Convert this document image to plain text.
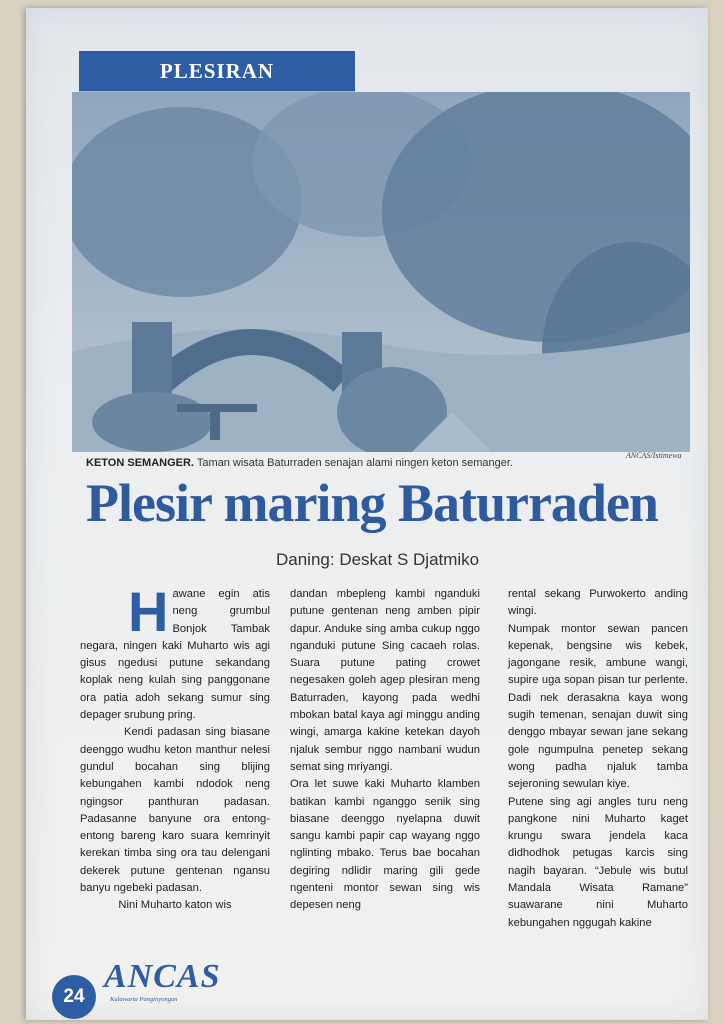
PLESIRAN
KETON SEMANGER. Taman wisata Baturraden senajan alami ningen keton semanger.
ANCAS/Istimewa
Plesir maring Baturraden
Daning: Deskat S Djatmiko
H awane egin atis neng grumbul Bonjok Tambak negara, ningen kaki Muharto wis agi gisus ngedusi putune sekandang koplak neng kulah sing panggonane ora patia adoh sekang sumur sing depager srubung pring.

Kendi padasan sing biasane deenggo wudhu keton manthur nelesi gundul bocahan sing blijing kebungahen kambi ndodok neng ngingsor panthuran padasan. Padasanne banyune ora entong-entong bareng karo suara kemrinyit kerekan timba sing ora tau delengani dekerek putune gentenan ngansu banyu ngebeki padasan.

Nini Muharto katon wis

dandan mbepleng kambi nganduki putune gentenan neng amben pipir dapur. Anduke sing amba cukup nggo nganduki putune Sing cacaeh rolas. Suara putune pating crowet negesaken goleh agep plesiran meng Baturraden, kayong pada wedhi mbokan batal kaya agi minggu anding wingi, amarga kakine ketekan dayoh njaluk sembur nggo nambani wudun semat sing mriyangi.

Ora let suwe kaki Muharto klamben batikan kambi nganggo senik sing biasane deenggo nyelapna duwit sangu kambi papir cap wayang nggo nglinting mbako. Terus bae bocahan degiring ndlidir maring gili gede ngenteni montor sewan sing wis depesen neng

rental sekang Purwokerto anding wingi.

Numpak montor sewan pancen kepenak, bengsine wis kebek, jagongane resik, ambune wangi, supire uga sopan pisan tur perlente. Dadi nek derasakna kaya wong sugih temenan, senajan duwit sing denggo mbayar sewan jane sekang gole ngumpulna penetep sekang wong padha njaluk tamba sejeroning sewulan kiye.

Putene sing agi angles turu neng pangkone nini Muharto kaget krungu swara jendela kaca didhodhok petugas karcis sing nagih bayaran. “Jebule wis butul Mandala Wisata Ramane” suawarane nini Muharto kebungahen nggugah kakine

24
ANCAS
Kalawarta Panginyongan
